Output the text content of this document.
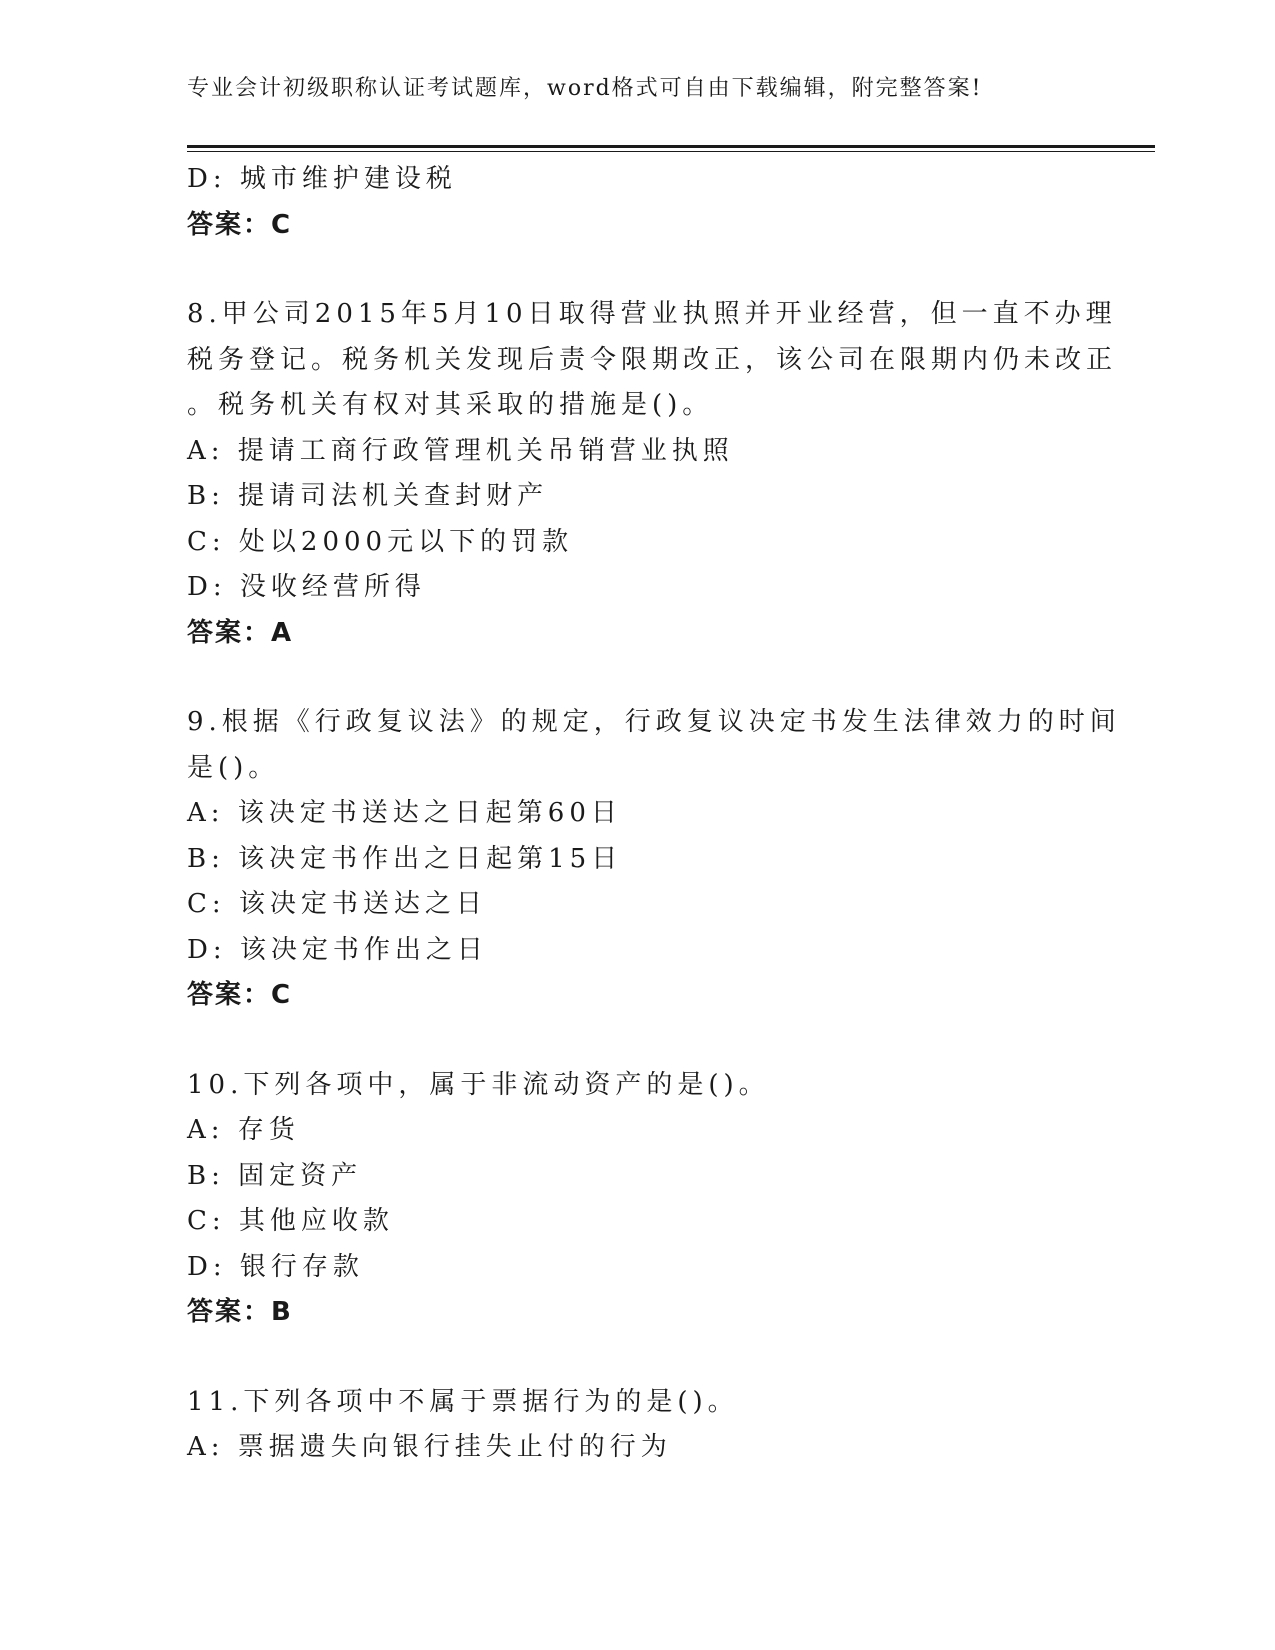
专业会计初级职称认证考试题库，word格式可自由下载编辑，附完整答案!
D: 城市维护建设税
答案：C
8.甲公司2015年5月10日取得营业执照并开业经营，但一直不办理
税务登记。税务机关发现后责令限期改正，该公司在限期内仍未改正
。税务机关有权对其采取的措施是()。
A: 提请工商行政管理机关吊销营业执照
B: 提请司法机关查封财产
C: 处以2000元以下的罚款
D: 没收经营所得
答案：A
9.根据《行政复议法》的规定，行政复议决定书发生法律效力的时间
是()。
A: 该决定书送达之日起第60日
B: 该决定书作出之日起第15日
C: 该决定书送达之日
D: 该决定书作出之日
答案：C
10.下列各项中，属于非流动资产的是()。
A: 存货
B: 固定资产
C: 其他应收款
D: 银行存款
答案：B
11.下列各项中不属于票据行为的是()。
A: 票据遗失向银行挂失止付的行为
